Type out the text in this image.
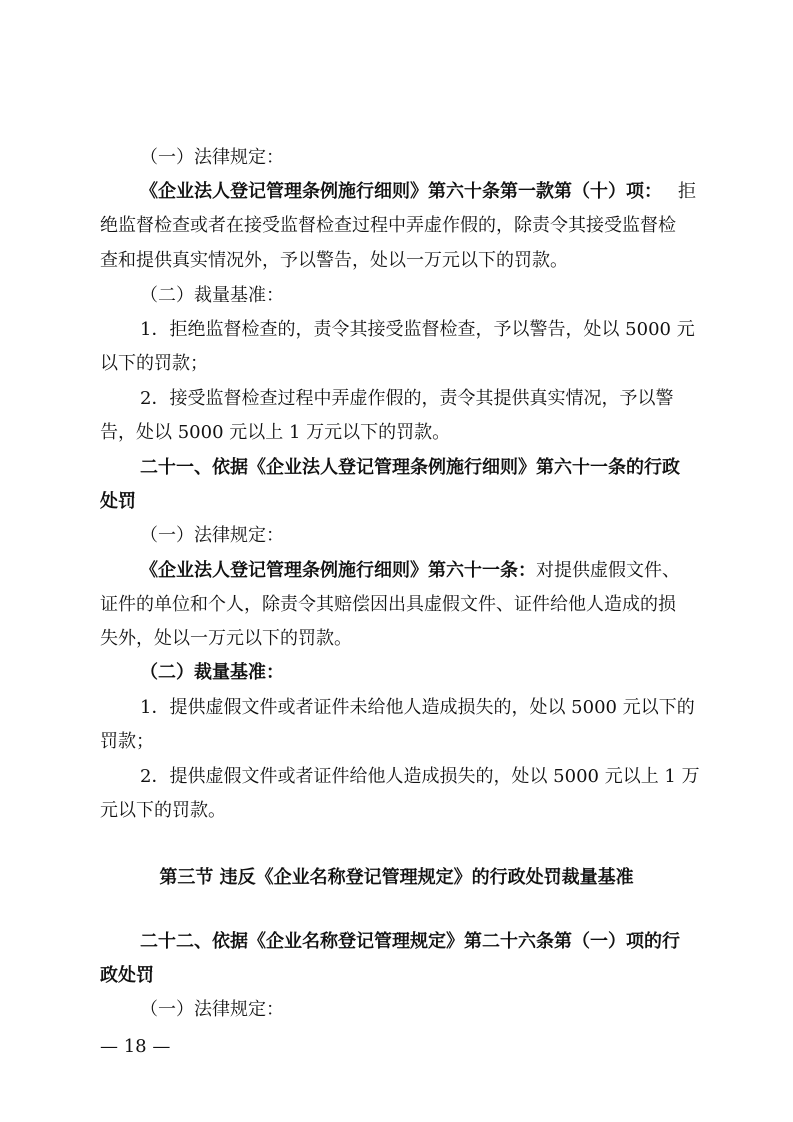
（一）法律规定：
《企业法人登记管理条例施行细则》第六十条第一款第（十）项： 拒
绝监督检查或者在接受监督检查过程中弄虚作假的，除责令其接受监督检
查和提供真实情况外，予以警告，处以一万元以下的罚款。
（二）裁量基准：
1．拒绝监督检查的，责令其接受监督检查，予以警告，处以 5000 元
以下的罚款；
2．接受监督检查过程中弄虚作假的，责令其提供真实情况，予以警
告，处以 5000 元以上 1 万元以下的罚款。
二十一、依据《企业法人登记管理条例施行细则》第六十一条的行政
处罚
（一）法律规定：
《企业法人登记管理条例施行细则》第六十一条：对提供虚假文件、
证件的单位和个人，除责令其赔偿因出具虚假文件、证件给他人造成的损
失外，处以一万元以下的罚款。
（二）裁量基准：
1．提供虚假文件或者证件未给他人造成损失的，处以 5000 元以下的
罚款；
2．提供虚假文件或者证件给他人造成损失的，处以 5000 元以上 1 万
元以下的罚款。
第三节 违反《企业名称登记管理规定》的行政处罚裁量基准
二十二、依据《企业名称登记管理规定》第二十六条第（一）项的行
政处罚
（一）法律规定：
— 18 —
